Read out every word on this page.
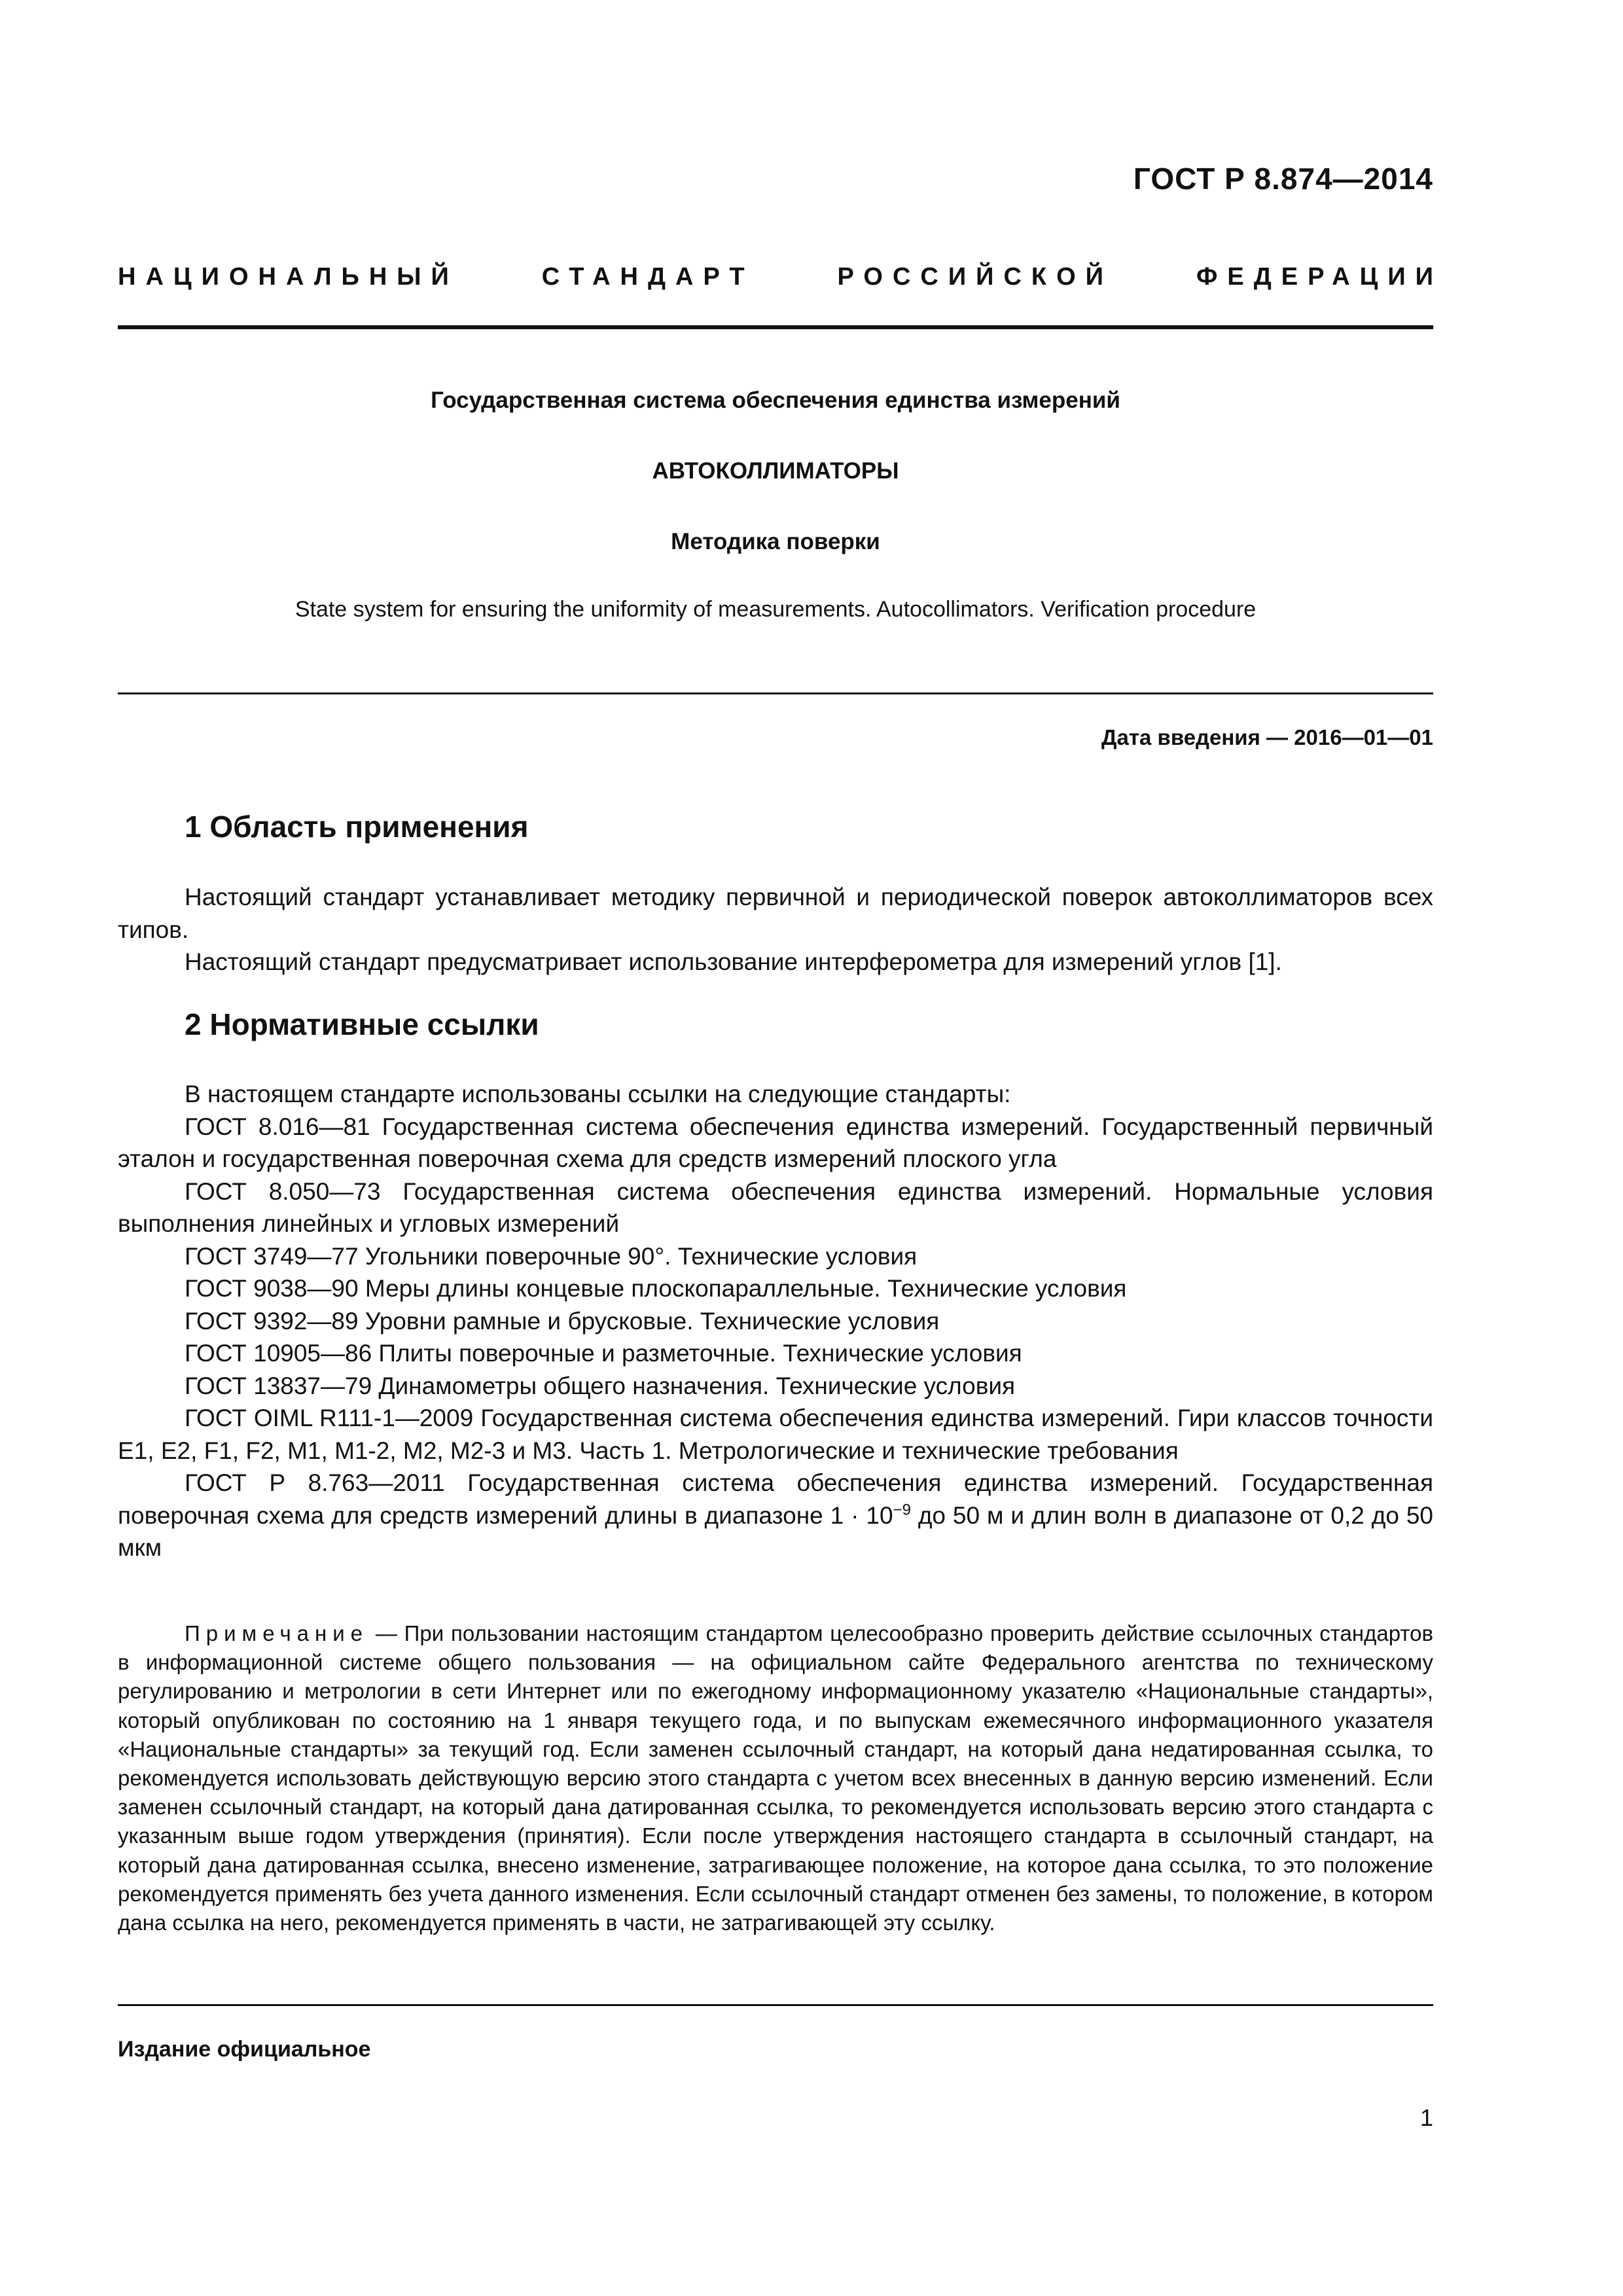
ГОСТ Р 8.874—2014
НАЦИОНАЛЬНЫЙ	СТАНДАРТ	РОССИЙСКОЙ	ФЕДЕРАЦИИ
Государственная система обеспечения единства измерений
АВТОКОЛЛИМАТОРЫ
Методика поверки
State system for ensuring the uniformity of measurements. Autocollimators. Verification procedure
Дата введения — 2016—01—01
1 Область применения

Настоящий стандарт устанавливает методику первичной и периодической поверок автоколлиматоров всех типов.

Настоящий стандарт предусматривает использование интерферометра для измерений углов [1].

2 Нормативные ссылки

В настоящем стандарте использованы ссылки на следующие стандарты:

ГОСТ 8.016—81 Государственная система обеспечения единства измерений. Государственный первичный эталон и государственная поверочная схема для средств измерений плоского угла

ГОСТ 8.050—73 Государственная система обеспечения единства измерений. Нормальные условия выполнения линейных и угловых измерений

ГОСТ 3749—77 Угольники поверочные 90°. Технические условия

ГОСТ 9038—90 Меры длины концевые плоскопараллельные. Технические условия

ГОСТ 9392—89 Уровни рамные и брусковые. Технические условия

ГОСТ 10905—86 Плиты поверочные и разметочные. Технические условия

ГОСТ 13837—79 Динамометры общего назначения. Технические условия

ГОСТ OIML R111-1—2009 Государственная система обеспечения единства измерений. Гири классов точности E1, E2, F1, F2, M1, M1-2, M2, M2-3 и M3. Часть 1. Метрологические и технические требования

ГОСТ Р 8.763—2011 Государственная система обеспечения единства измерений. Государственная поверочная схема для средств измерений длины в диапазоне $1 \cdot 10^{-9}$ до 50 м и длин волн в диапазоне от 0,2 до 50 мкм

Примечание — При пользовании настоящим стандартом целесообразно проверить действие ссылочных стандартов в информационной системе общего пользования — на официальном сайте Федерального агентства по техническому регулированию и метрологии в сети Интернет или по ежегодному информационному указателю «Национальные стандарты», который опубликован по состоянию на 1 января текущего года, и по выпускам ежемесячного информационного указателя «Национальные стандарты» за текущий год. Если заменен ссылочный стандарт, на который дана недатированная ссылка, то рекомендуется использовать действующую версию этого стандарта с учетом всех внесенных в данную версию изменений. Если заменен ссылочный стандарт, на который дана датированная ссылка, то рекомендуется использовать версию этого стандарта с указанным выше годом утверждения (принятия). Если после утверждения настоящего стандарта в ссылочный стандарт, на который дана датированная ссылка, внесено изменение, затрагивающее положение, на которое дана ссылка, то это положение рекомендуется применять без учета данного изменения. Если ссылочный стандарт отменен без замены, то положение, в котором дана ссылка на него, рекомендуется применять в части, не затрагивающей эту ссылку.

Издание официальное
1
